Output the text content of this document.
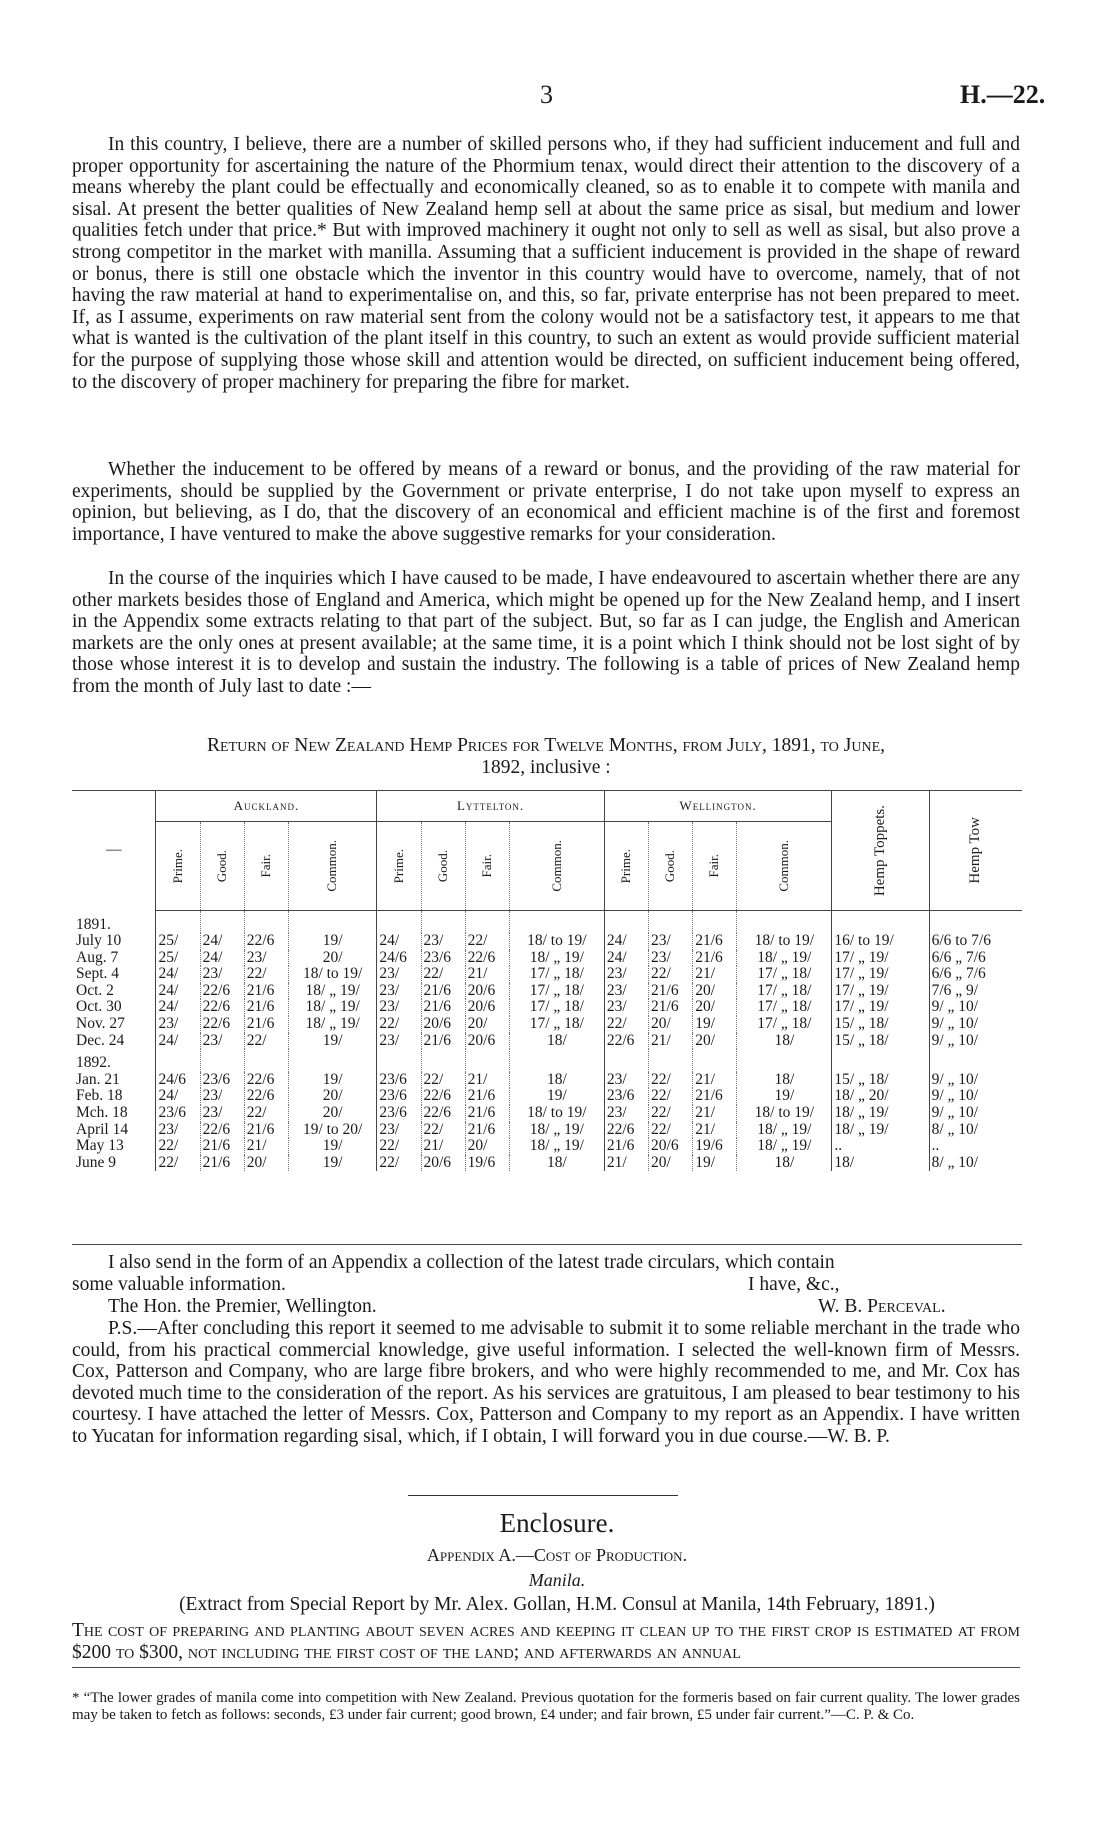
3	H.—22.

In this country, I believe, there are a number of skilled persons who, if they had sufficient inducement and full and proper opportunity for ascertaining the nature of the Phormium tenax, would direct their attention to the discovery of a means whereby the plant could be effectually and economically cleaned, so as to enable it to compete with manila and sisal. At present the better qualities of New Zealand hemp sell at about the same price as sisal, but medium and lower qualities fetch under that price.* But with improved machinery it ought not only to sell as well as sisal, but also prove a strong competitor in the market with manilla. Assuming that a sufficient inducement is provided in the shape of reward or bonus, there is still one obstacle which the inventor in this country would have to overcome, namely, that of not having the raw material at hand to experimentalise on, and this, so far, private enterprise has not been prepared to meet. If, as I assume, experiments on raw material sent from the colony would not be a satisfactory test, it appears to me that what is wanted is the cultivation of the plant itself in this country, to such an extent as would provide sufficient material for the purpose of supplying those whose skill and attention would be directed, on sufficient inducement being offered, to the discovery of proper machinery for preparing the fibre for market.

Whether the inducement to be offered by means of a reward or bonus, and the providing of the raw material for experiments, should be supplied by the Government or private enterprise, I do not take upon myself to express an opinion, but believing, as I do, that the discovery of an economical and efficient machine is of the first and foremost importance, I have ventured to make the above suggestive remarks for your consideration.

In the course of the inquiries which I have caused to be made, I have endeavoured to ascertain whether there are any other markets besides those of England and America, which might be opened up for the New Zealand hemp, and I insert in the Appendix some extracts relating to that part of the subject. But, so far as I can judge, the English and American markets are the only ones at present available; at the same time, it is a point which I think should not be lost sight of by those whose interest it is to develop and sustain the industry. The following is a table of prices of New Zealand hemp from the month of July last to date :—

Return of New Zealand Hemp Prices for Twelve Months, from July, 1891, to June,
1892, inclusive :
—	Auckland.				Lyttelton.				Wellington.				Hemp Toppets.	Hemp Tow

	Prime.	Good.	Fair.	Common.	Prime.	Good.	Fair.	Common.	Prime.	Good.	Fair.	Common.		

1891.														
July 10	25/	24/	22/6	19/	24/	23/	22/	18/ to 19/	24/	23/	21/6	18/ to 19/	16/ to 19/	6/6 to 7/6
Aug. 7	25/	24/	23/	20/	24/6	23/6	22/6	18/ „ 19/	24/	23/	21/6	18/ „ 19/	17/ „ 19/	6/6 „ 7/6
Sept. 4	24/	23/	22/	18/ to 19/	23/	22/	21/	17/ „ 18/	23/	22/	21/	17/ „ 18/	17/ „ 19/	6/6 „ 7/6
Oct. 2	24/	22/6	21/6	18/ „ 19/	23/	21/6	20/6	17/ „ 18/	23/	21/6	20/	17/ „ 18/	17/ „ 19/	7/6 „ 9/
Oct. 30	24/	22/6	21/6	18/ „ 19/	23/	21/6	20/6	17/ „ 18/	23/	21/6	20/	17/ „ 18/	17/ „ 19/	9/ „ 10/
Nov. 27	23/	22/6	21/6	18/ „ 19/	22/	20/6	20/	17/ „ 18/	22/	20/	19/	17/ „ 18/	15/ „ 18/	9/ „ 10/
Dec. 24	24/	23/	22/	19/	23/	21/6	20/6	18/	22/6	21/	20/	18/	15/ „ 18/	9/ „ 10/
1892.														
Jan. 21	24/6	23/6	22/6	19/	23/6	22/	21/	18/	23/	22/	21/	18/	15/ „ 18/	9/ „ 10/
Feb. 18	24/	23/	22/6	20/	23/6	22/6	21/6	19/	23/6	22/	21/6	19/	18/ „ 20/	9/ „ 10/
Mch. 18	23/6	23/	22/	20/	23/6	22/6	21/6	18/ to 19/	23/	22/	21/	18/ to 19/	18/ „ 19/	9/ „ 10/
April 14	23/	22/6	21/6	19/ to 20/	23/	22/	21/6	18/ „ 19/	22/6	22/	21/	18/ „ 19/	18/ „ 19/	8/ „ 10/
May 13	22/	21/6	21/	19/	22/	21/	20/	18/ „ 19/	21/6	20/6	19/6	18/ „ 19/	..	..
June 9	22/	21/6	20/	19/	22/	20/6	19/6	18/	21/	20/	19/	18/	18/	8/ „ 10/

I also send in the form of an Appendix a collection of the latest trade circulars, which contain
some valuable information.	I have, &c.,
The Hon. the Premier, Wellington.	W. B. Perceval.

P.S.—After concluding this report it seemed to me advisable to submit it to some reliable merchant in the trade who could, from his practical commercial knowledge, give useful information. I selected the well-known firm of Messrs. Cox, Patterson and Company, who are large fibre brokers, and who were highly recommended to me, and Mr. Cox has devoted much time to the consideration of the report. As his services are gratuitous, I am pleased to bear testimony to his courtesy. I have attached the letter of Messrs. Cox, Patterson and Company to my report as an Appendix. I have written to Yucatan for information regarding sisal, which, if I obtain, I will forward you in due course.—W. B. P.

Enclosure.
Appendix A.—Cost of Production.
Manila.
(Extract from Special Report by Mr. Alex. Gollan, H.M. Consul at Manila, 14th February, 1891.)

The cost of preparing and planting about seven acres and keeping it clean up to the first crop is estimated at from $200 to $300, not including the first cost of the land; and afterwards an annual

* “The lower grades of manila come into competition with New Zealand. Previous quotation for the formeris based on fair current quality. The lower grades may be taken to fetch as follows: seconds, £3 under fair current; good brown, £4 under; and fair brown, £5 under fair current.”—C. P. & Co.
